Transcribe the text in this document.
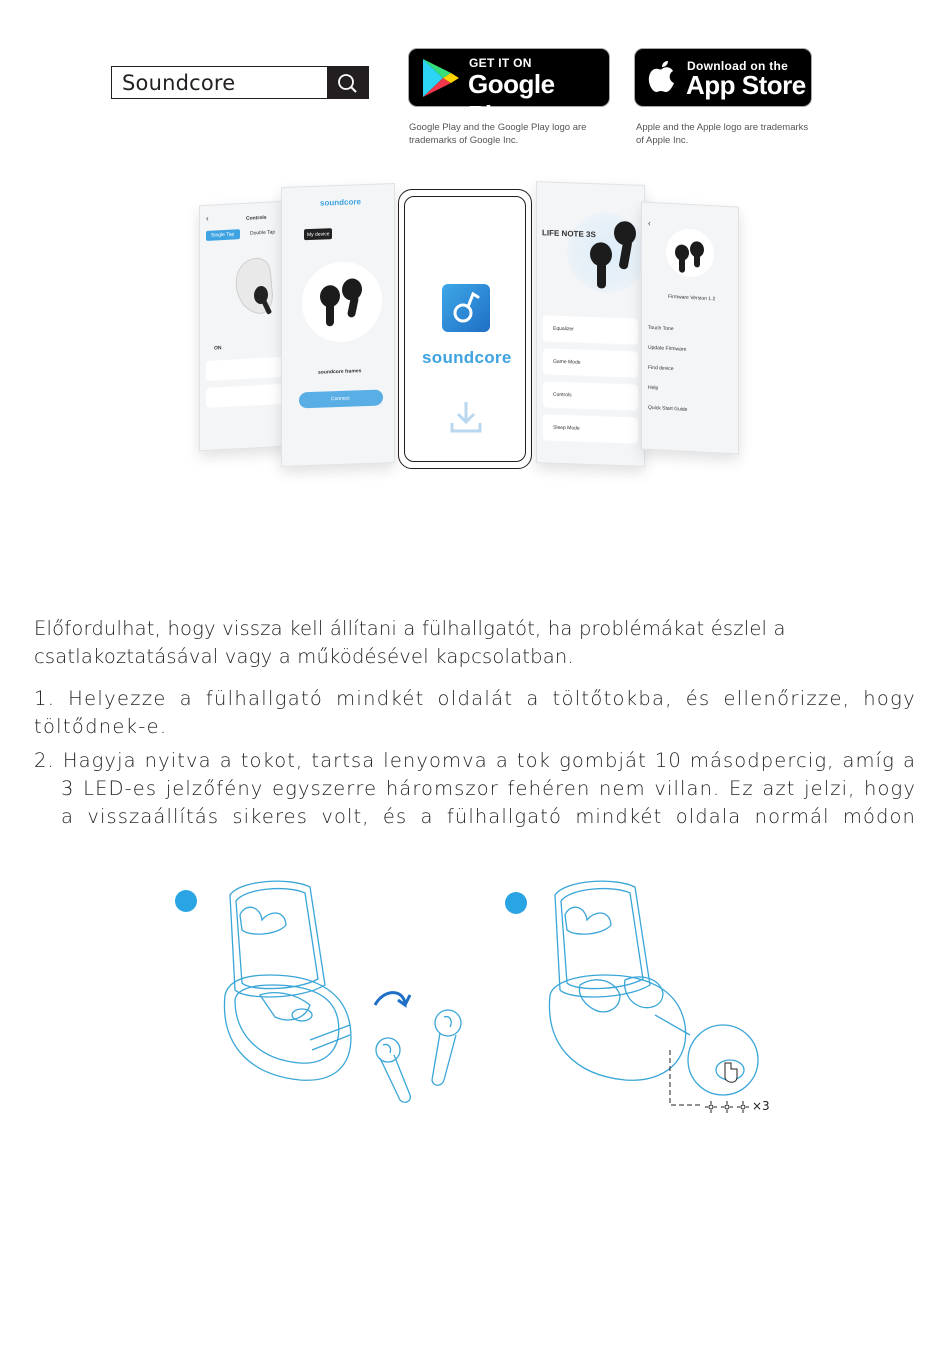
Soundcore
GET IT ON
Google Play
Google Play and the Google Play logo are trademarks of Google Inc.
Download on the
App Store
Apple and the Apple logo are trademarks of Apple Inc.
‹	Controls
Single Tap	Double Tap
ON
soundcore
My device
soundcore frames
Connect
soundcore
LIFE NOTE 3S
Equalizer
Game Mode
Controls
Sleep Mode
‹
Firmware Version 1.2
Touch Tone
Update Firmware
Find device
Help
Quick Start Guide
Előfordulhat, hogy vissza kell állítani a fülhallgatót, ha problémákat észlel a csatlakoztatásával vagy a működésével kapcsolatban.
1. Helyezze a fülhallgató mindkét oldalát a töltőtokba, és ellenőrizze, hogy
töltődnek-e.
2. Hagyja nyitva a tokot, tartsa lenyomva a tok gombját 10 másodpercig, amíg a
3 LED-es jelzőfény egyszerre háromszor fehéren nem villan. Ez azt jelzi, hogy
a visszaállítás sikeres volt, és a fülhallgató mindkét oldala normál módon
×3
